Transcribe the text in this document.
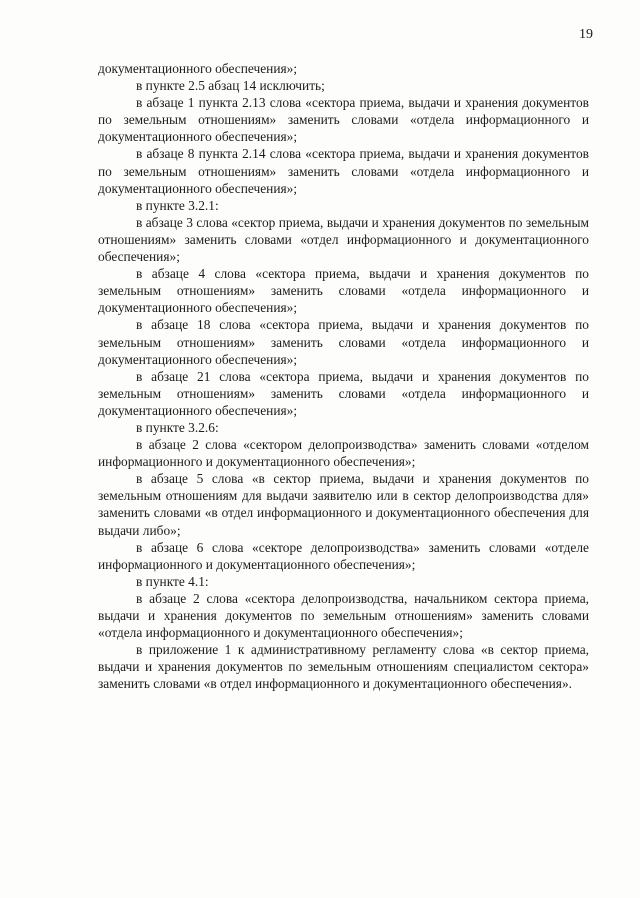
19

документационного обеспечения»;

в пункте 2.5 абзац 14 исключить;

в абзаце 1 пункта 2.13 слова «сектора приема, выдачи и хранения документов по земельным отношениям» заменить словами «отдела информационного и документационного обеспечения»;

в абзаце 8 пункта 2.14 слова «сектора приема, выдачи и хранения документов по земельным отношениям» заменить словами «отдела информационного и документационного обеспечения»;

в пункте 3.2.1:

в абзаце 3 слова «сектор приема, выдачи и хранения документов по земельным отношениям» заменить словами «отдел информационного и документационного обеспечения»;

в абзаце 4 слова «сектора приема, выдачи и хранения документов по земельным отношениям» заменить словами «отдела информационного и документационного обеспечения»;

в абзаце 18 слова «сектора приема, выдачи и хранения документов по земельным отношениям» заменить словами «отдела информационного и документационного обеспечения»;

в абзаце 21 слова «сектора приема, выдачи и хранения документов по земельным отношениям» заменить словами «отдела информационного и документационного обеспечения»;

в пункте 3.2.6:

в абзаце 2 слова «сектором делопроизводства» заменить словами «отделом информационного и документационного обеспечения»;

в абзаце 5 слова «в сектор приема, выдачи и хранения документов по земельным отношениям для выдачи заявителю или в сектор делопроизводства для» заменить словами «в отдел информационного и документационного обеспечения для выдачи либо»;

в абзаце 6 слова «секторе делопроизводства» заменить словами «отделе информационного и документационного обеспечения»;

в пункте 4.1:

в абзаце 2 слова «сектора делопроизводства, начальником сектора приема, выдачи и хранения документов по земельным отношениям» заменить словами «отдела информационного и документационного обеспечения»;

в приложение 1 к административному регламенту слова «в сектор приема, выдачи и хранения документов по земельным отношениям специалистом сектора» заменить словами «в отдел информационного и документационного обеспечения».
